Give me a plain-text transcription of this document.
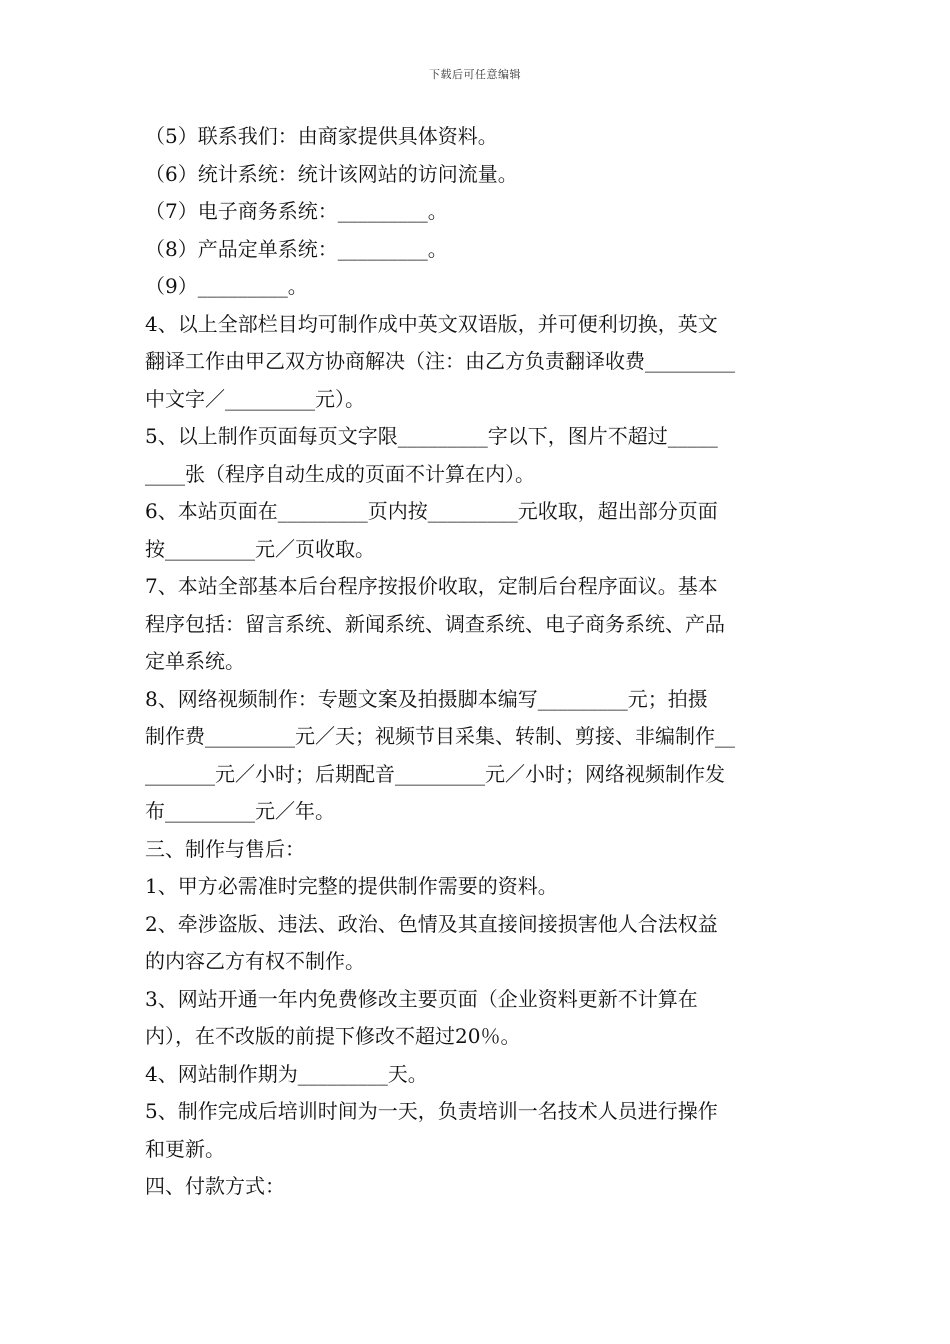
下载后可任意编辑
（5）联系我们：由商家提供具体资料。
（6）统计系统：统计该网站的访问流量。
（7）电子商务系统：_________。
（8）产品定单系统：_________。
（9）_________。
4、以上全部栏目均可制作成中英文双语版，并可便利切换，英文
翻译工作由甲乙双方协商解决（注：由乙方负责翻译收费_________
中文字／_________元）。
5、以上制作页面每页文字限_________字以下，图片不超过_____
____张（程序自动生成的页面不计算在内）。
6、本站页面在_________页内按_________元收取，超出部分页面
按_________元／页收取。
7、本站全部基本后台程序按报价收取，定制后台程序面议。基本
程序包括：留言系统、新闻系统、调查系统、电子商务系统、产品
定单系统。
8、网络视频制作：专题文案及拍摄脚本编写_________元；拍摄
制作费_________元／天；视频节目采集、转制、剪接、非编制作__
_______元／小时；后期配音_________元／小时；网络视频制作发
布_________元／年。
三、制作与售后：
1、甲方必需准时完整的提供制作需要的资料。
2、牵涉盗版、违法、政治、色情及其直接间接损害他人合法权益
的内容乙方有权不制作。
3、网站开通一年内免费修改主要页面（企业资料更新不计算在
内），在不改版的前提下修改不超过20％。
4、网站制作期为_________天。
5、制作完成后培训时间为一天，负责培训一名技术人员进行操作
和更新。
四、付款方式：
